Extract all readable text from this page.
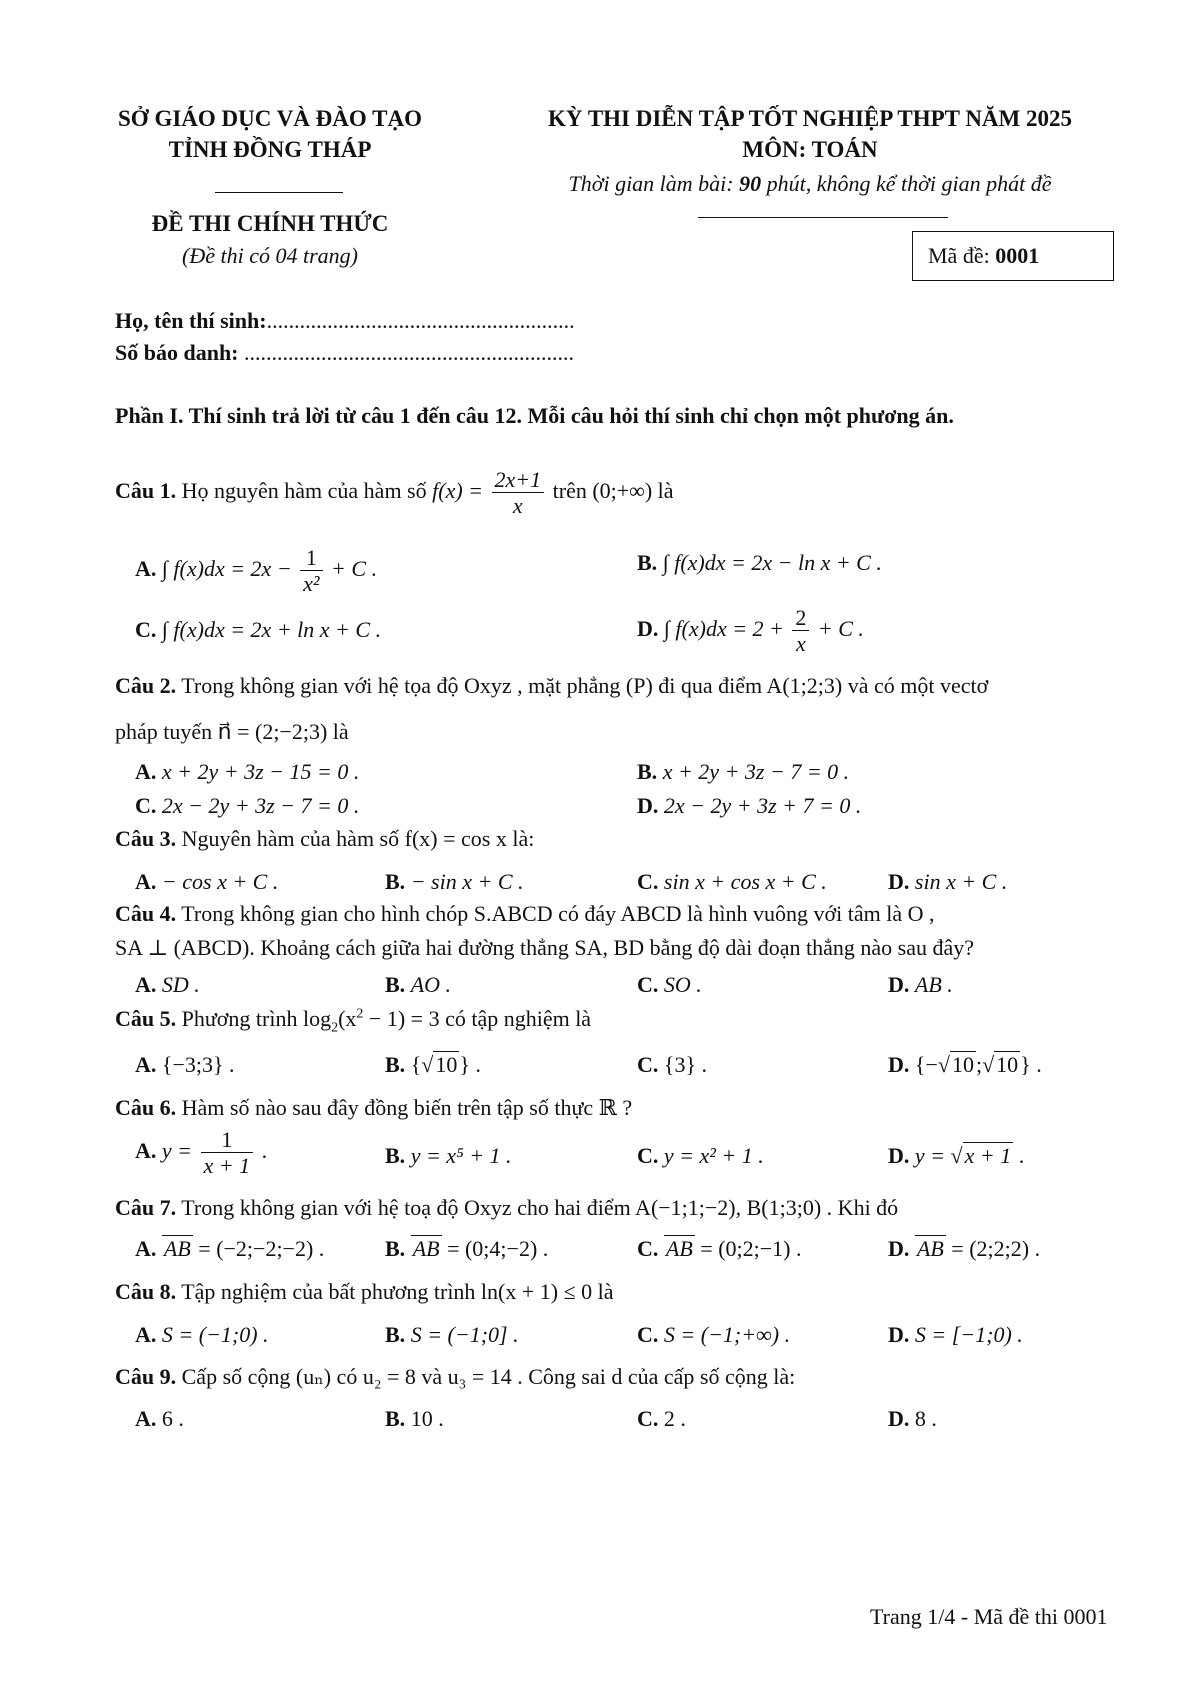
SỞ GIÁO DỤC VÀ ĐÀO TẠO
TỈNH ĐỒNG THÁP
ĐỀ THI CHÍNH THỨC
(Đề thi có 04 trang)
KỲ THI DIỄN TẬP TỐT NGHIỆP THPT NĂM 2025
MÔN: TOÁN
Thời gian làm bài: 90 phút, không kể thời gian phát đề
Mã đề: 0001
Họ, tên thí sinh:........................................................
Số báo danh: ............................................................
Phần I. Thí sinh trả lời từ câu 1 đến câu 12. Mỗi câu hỏi thí sinh chỉ chọn một phương án.
Câu 1. Họ nguyên hàm của hàm số $f(x) = \frac{2x+1}{x}$ trên (0;+∞) là
A. ∫ $f(x)dx = 2x - \frac{1}{\text{x²}} + C$ .	B. ∫ f(x)dx = 2x − ln x + C .
C. ∫ f(x)dx = 2x + ln x + C .	D. ∫ $f(x)dx = 2 + \frac{2}{x} + C$ .
Câu 2. Trong không gian với hệ tọa độ Oxyz , mặt phẳng (P) đi qua điểm A(1;2;3) và có một vectơ
pháp tuyến n⃗ = (2;−2;3) là
A. x + 2y + 3z − 15 = 0 .	B. x + 2y + 3z − 7 = 0 .
C. 2x − 2y + 3z − 7 = 0 .	D. 2x − 2y + 3z + 7 = 0 .
Câu 3. Nguyên hàm của hàm số f(x) = cos x là:
A. − cos x + C .	B. − sin x + C .	C. sin x + cos x + C .	D. sin x + C .
Câu 4. Trong không gian cho hình chóp S.ABCD có đáy ABCD là hình vuông với tâm là O ,
SA ⊥ (ABCD). Khoảng cách giữa hai đường thẳng SA, BD bằng độ dài đoạn thẳng nào sau đây?
A. SD .	B. AO .	C. SO .	D. AB .
Câu 5. Phương trình $\log_2(x^2 - 1) = 3$ có tập nghiệm là
A. {−3;3} .	B. {√10} .	C. {3} .	D. {−√10;√10} .
Câu 6. Hàm số nào sau đây đồng biến trên tập số thực ℝ ?
A. $y = \frac{1}{x + 1}$ .	B. y = x⁵ + 1 .	C. y = x² + 1 .	D. y = √x + 1 .
Câu 7. Trong không gian với hệ toạ độ Oxyz cho hai điểm A(−1;1;−2), B(1;3;0) . Khi đó
A. AB = (−2;−2;−2) .	B. AB = (0;4;−2) .	C. AB = (0;2;−1) .	D. AB = (2;2;2) .
Câu 8. Tập nghiệm của bất phương trình ln(x + 1) ≤ 0 là
A. S = (−1;0) .	B. S = (−1;0] .	C. S = (−1;+∞) .	D. S = [−1;0) .
Câu 9. Cấp số cộng (uₙ) có u₂ = 8 và u₃ = 14 . Công sai d của cấp số cộng là:
A. 6 .	B. 10 .	C. 2 .	D. 8 .
Trang 1/4 - Mã đề thi 0001
